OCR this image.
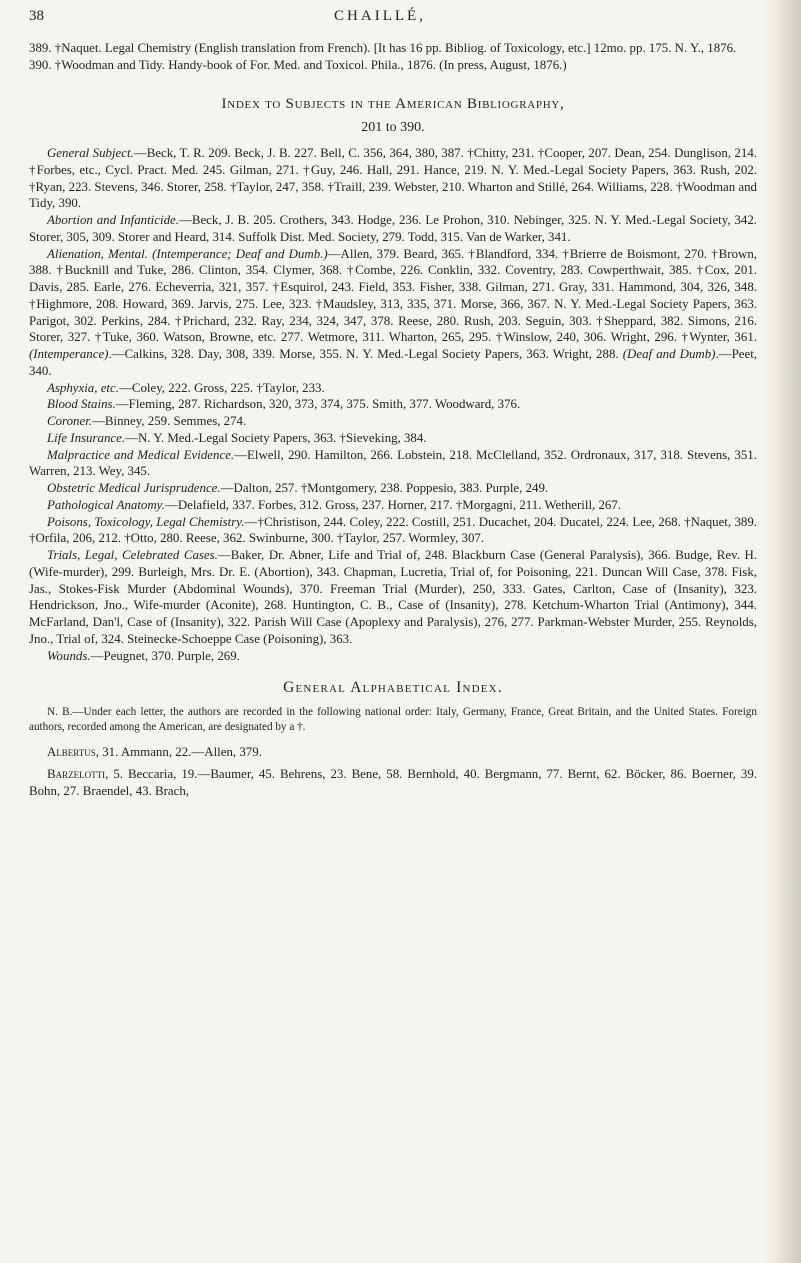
38	CHAILLÉ,

389. †Naquet. Legal Chemistry (English translation from French). [It has 16 pp. Bibliog. of Toxicology, etc.] 12mo. pp. 175. N. Y., 1876.

390. †Woodman and Tidy. Handy-book of For. Med. and Toxicol. Phila., 1876. (In press, August, 1876.)

Index to Subjects in the American Bibliography,
201 to 390.

General Subject.—Beck, T. R. 209. Beck, J. B. 227. Bell, C. 356, 364, 380, 387. †Chitty, 231. †Cooper, 207. Dean, 254. Dunglison, 214. †Forbes, etc., Cycl. Pract. Med. 245. Gilman, 271. †Guy, 246. Hall, 291. Hance, 219. N. Y. Med.-Legal Society Papers, 363. Rush, 202. †Ryan, 223. Stevens, 346. Storer, 258. †Taylor, 247, 358. †Traill, 239. Webster, 210. Wharton and Stillé, 264. Williams, 228. †Woodman and Tidy, 390.

Abortion and Infanticide.—Beck, J. B. 205. Crothers, 343. Hodge, 236. Le Prohon, 310. Nebinger, 325. N. Y. Med.-Legal Society, 342. Storer, 305, 309. Storer and Heard, 314. Suffolk Dist. Med. Society, 279. Todd, 315. Van de Warker, 341.

Alienation, Mental. (Intemperance; Deaf and Dumb.)—Allen, 379. Beard, 365. †Blandford, 334. †Brierre de Boismont, 270. †Brown, 388. †Bucknill and Tuke, 286. Clinton, 354. Clymer, 368. †Combe, 226. Conklin, 332. Coventry, 283. Cowperthwait, 385. †Cox, 201. Davis, 285. Earle, 276. Echeverria, 321, 357. †Esquirol, 243. Field, 353. Fisher, 338. Gilman, 271. Gray, 331. Hammond, 304, 326, 348. †Highmore, 208. Howard, 369. Jarvis, 275. Lee, 323. †Maudsley, 313, 335, 371. Morse, 366, 367. N. Y. Med.-Legal Society Papers, 363. Parigot, 302. Perkins, 284. †Prichard, 232. Ray, 234, 324, 347, 378. Reese, 280. Rush, 203. Seguin, 303. †Sheppard, 382. Simons, 216. Storer, 327. †Tuke, 360. Watson, Browne, etc. 277. Wetmore, 311. Wharton, 265, 295. †Winslow, 240, 306. Wright, 296. †Wynter, 361. (Intemperance).—Calkins, 328. Day, 308, 339. Morse, 355. N. Y. Med.-Legal Society Papers, 363. Wright, 288. (Deaf and Dumb).—Peet, 340.

Asphyxia, etc.—Coley, 222. Gross, 225. †Taylor, 233.

Blood Stains.—Fleming, 287. Richardson, 320, 373, 374, 375. Smith, 377. Woodward, 376.

Coroner.—Binney, 259. Semmes, 274.

Life Insurance.—N. Y. Med.-Legal Society Papers, 363. †Sieveking, 384.

Malpractice and Medical Evidence.—Elwell, 290. Hamilton, 266. Lobstein, 218. McClelland, 352. Ordronaux, 317, 318. Stevens, 351. Warren, 213. Wey, 345.

Obstetric Medical Jurisprudence.—Dalton, 257. †Montgomery, 238. Poppesio, 383. Purple, 249.

Pathological Anatomy.—Delafield, 337. Forbes, 312. Gross, 237. Horner, 217. †Morgagni, 211. Wetherill, 267.

Poisons, Toxicology, Legal Chemistry.—†Christison, 244. Coley, 222. Costill, 251. Ducachet, 204. Ducatel, 224. Lee, 268. †Naquet, 389. †Orfila, 206, 212. †Otto, 280. Reese, 362. Swinburne, 300. †Taylor, 257. Wormley, 307.

Trials, Legal, Celebrated Cases.—Baker, Dr. Abner, Life and Trial of, 248. Blackburn Case (General Paralysis), 366. Budge, Rev. H. (Wife-murder), 299. Burleigh, Mrs. Dr. E. (Abortion), 343. Chapman, Lucretia, Trial of, for Poisoning, 221. Duncan Will Case, 378. Fisk, Jas., Stokes-Fisk Murder (Abdominal Wounds), 370. Freeman Trial (Murder), 250, 333. Gates, Carlton, Case of (Insanity), 323. Hendrickson, Jno., Wife-murder (Aconite), 268. Huntington, C. B., Case of (Insanity), 278. Ketchum-Wharton Trial (Antimony), 344. McFarland, Dan'l, Case of (Insanity), 322. Parish Will Case (Apoplexy and Paralysis), 276, 277. Parkman-Webster Murder, 255. Reynolds, Jno., Trial of, 324. Steinecke-Schoeppe Case (Poisoning), 363.

Wounds.—Peugnet, 370. Purple, 269.

General Alphabetical Index.

N. B.—Under each letter, the authors are recorded in the following national order: Italy, Germany, France, Great Britain, and the United States. Foreign authors, recorded among the American, are designated by a †.

Albertus, 31. Ammann, 22.—Allen, 379.

Barzelotti, 5. Beccaria, 19.—Baumer, 45. Behrens, 23. Bene, 58. Bernhold, 40. Bergmann, 77. Bernt, 62. Böcker, 86. Boerner, 39. Bohn, 27. Braendel, 43. Brach,
